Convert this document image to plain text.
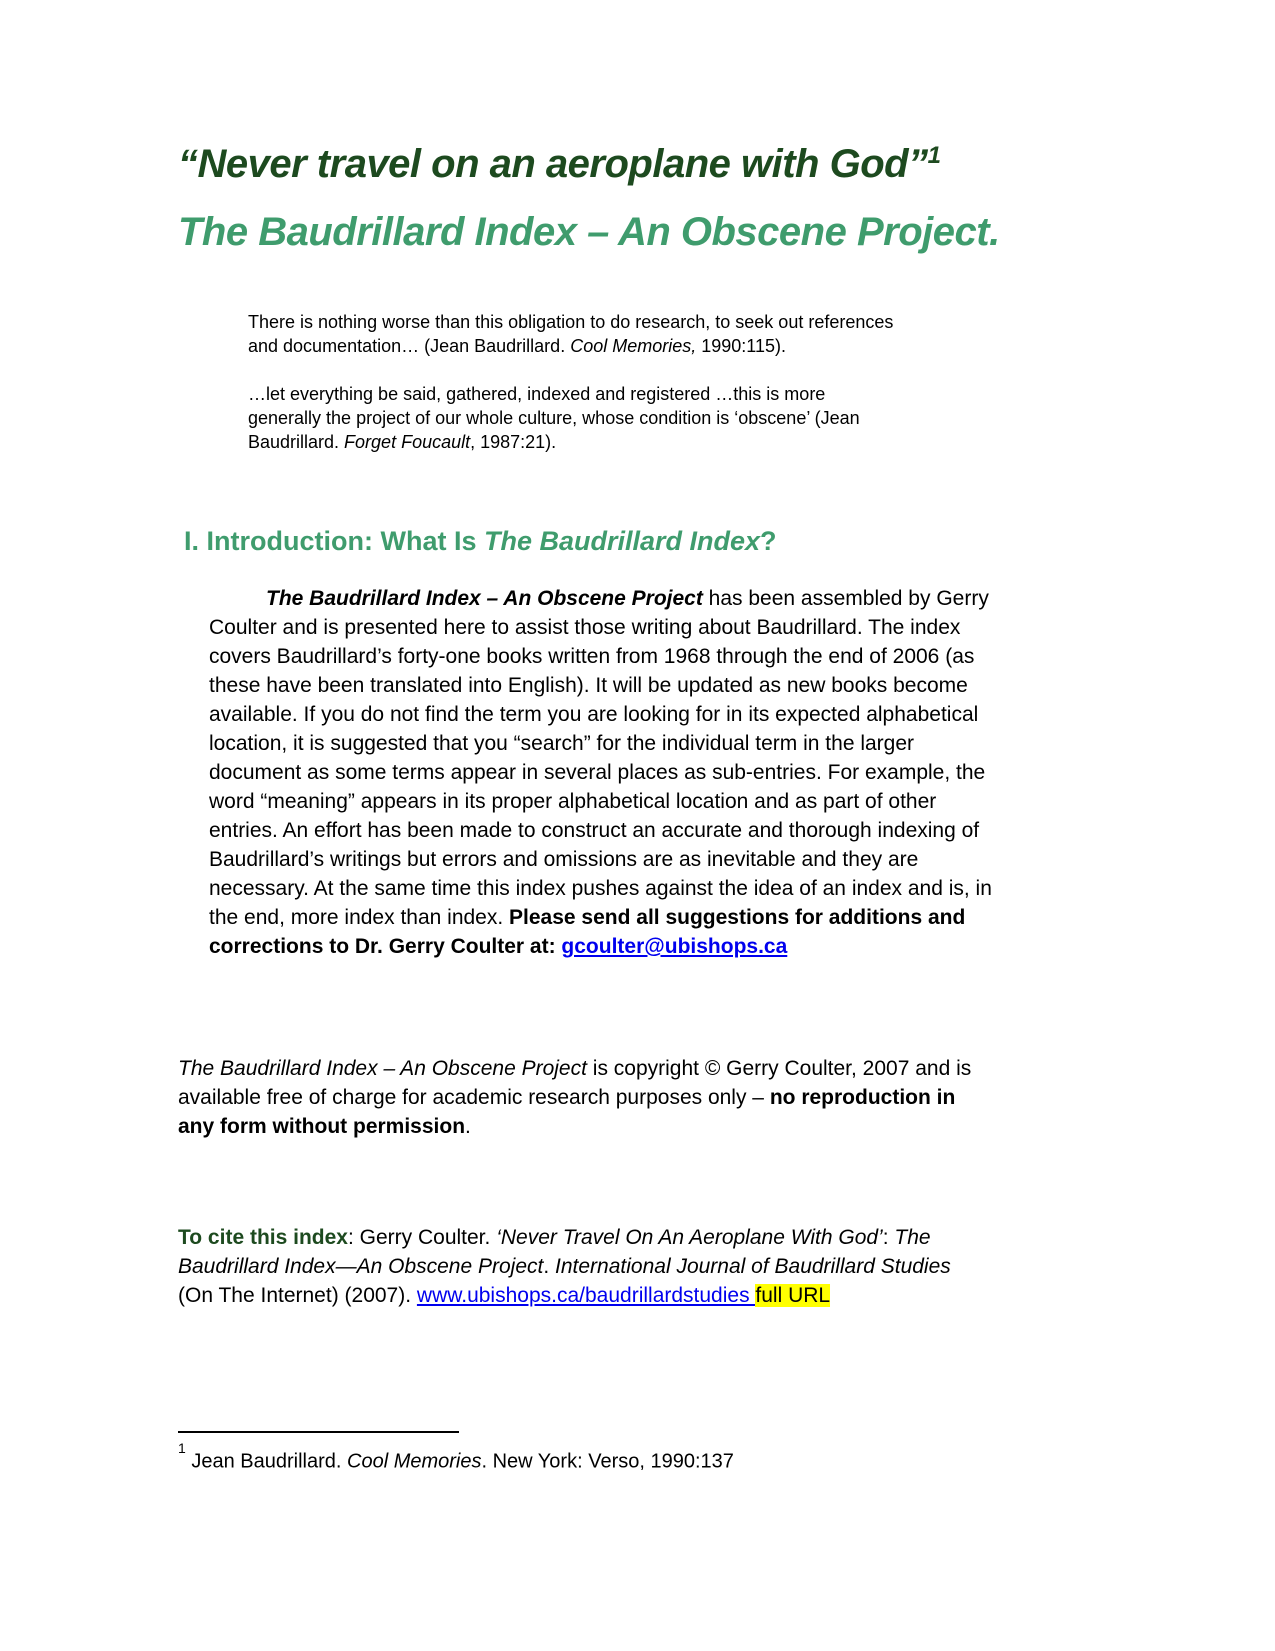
“Never travel on an aeroplane with God”$^1$
The Baudrillard Index – An Obscene Project.
There is nothing worse than this obligation to do research, to seek out references
and documentation… (Jean Baudrillard. Cool Memories, 1990:115).
…let everything be said, gathered, indexed and registered …this is more
generally the project of our whole culture, whose condition is ‘obscene’ (Jean
Baudrillard. Forget Foucault, 1987:21).
I. Introduction: What Is The Baudrillard Index?

The Baudrillard Index – An Obscene Project has been assembled by Gerry Coulter and is presented here to assist those writing about Baudrillard. The index covers Baudrillard’s forty-one books written from 1968 through the end of 2006 (as these have been translated into English). It will be updated as new books become available. If you do not find the term you are looking for in its expected alphabetical location, it is suggested that you “search” for the individual term in the larger document as some terms appear in several places as sub-entries. For example, the word “meaning” appears in its proper alphabetical location and as part of other entries. An effort has been made to construct an accurate and thorough indexing of Baudrillard’s writings but errors and omissions are as inevitable and they are necessary. At the same time this index pushes against the idea of an index and is, in the end, more index than index. Please send all suggestions for additions and corrections to Dr. Gerry Coulter at: gcoulter@ubishops.ca

The Baudrillard Index – An Obscene Project is copyright © Gerry Coulter, 2007 and is available free of charge for academic research purposes only – no reproduction in any form without permission.

To cite this index: Gerry Coulter. ‘Never Travel On An Aeroplane With God’: The Baudrillard Index—An Obscene Project. International Journal of Baudrillard Studies (On The Internet) (2007). www.ubishops.ca/baudrillardstudies full URL

$^1$ Jean Baudrillard. Cool Memories. New York: Verso, 1990:137
